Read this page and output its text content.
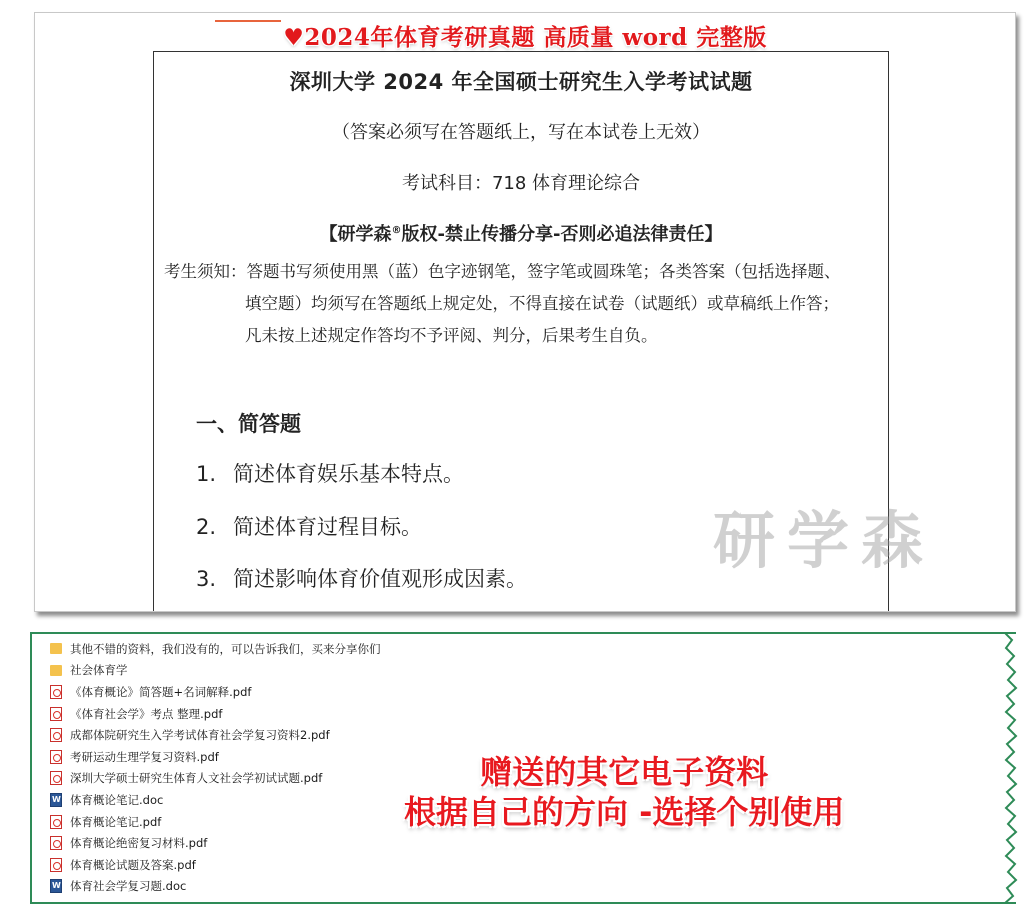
♥2024年体育考研真题 高质量 word 完整版
深圳大学 2024 年全国硕士研究生入学考试试题
（答案必须写在答题纸上，写在本试卷上无效）
考试科目：718 体育理论综合
【研学森®版权-禁止传播分享-否则必追法律责任】
考生须知：答题书写须使用黑（蓝）色字迹钢笔，签字笔或圆珠笔；各类答案（包括选择题、
填空题）均须写在答题纸上规定处，不得直接在试卷（试题纸）或草稿纸上作答；
凡未按上述规定作答均不予评阅、判分，后果考生自负。
一、简答题
1. 简述体育娱乐基本特点。
2. 简述体育过程目标。
3. 简述影响体育价值观形成因素。
研学森
其他不错的资料，我们没有的，可以告诉我们，买来分享你们
社会体育学
《体育概论》简答题+名词解释.pdf
《体育社会学》考点 整理.pdf
成都体院研究生入学考试体育社会学复习资料2.pdf
考研运动生理学复习资料.pdf
深圳大学硕士研究生体育人文社会学初试试题.pdf
W
体育概论笔记.doc
体育概论笔记.pdf
体育概论绝密复习材料.pdf
体育概论试题及答案.pdf
W
体育社会学复习题.doc
赠送的其它电子资料
根据自己的方向 -选择个别使用
